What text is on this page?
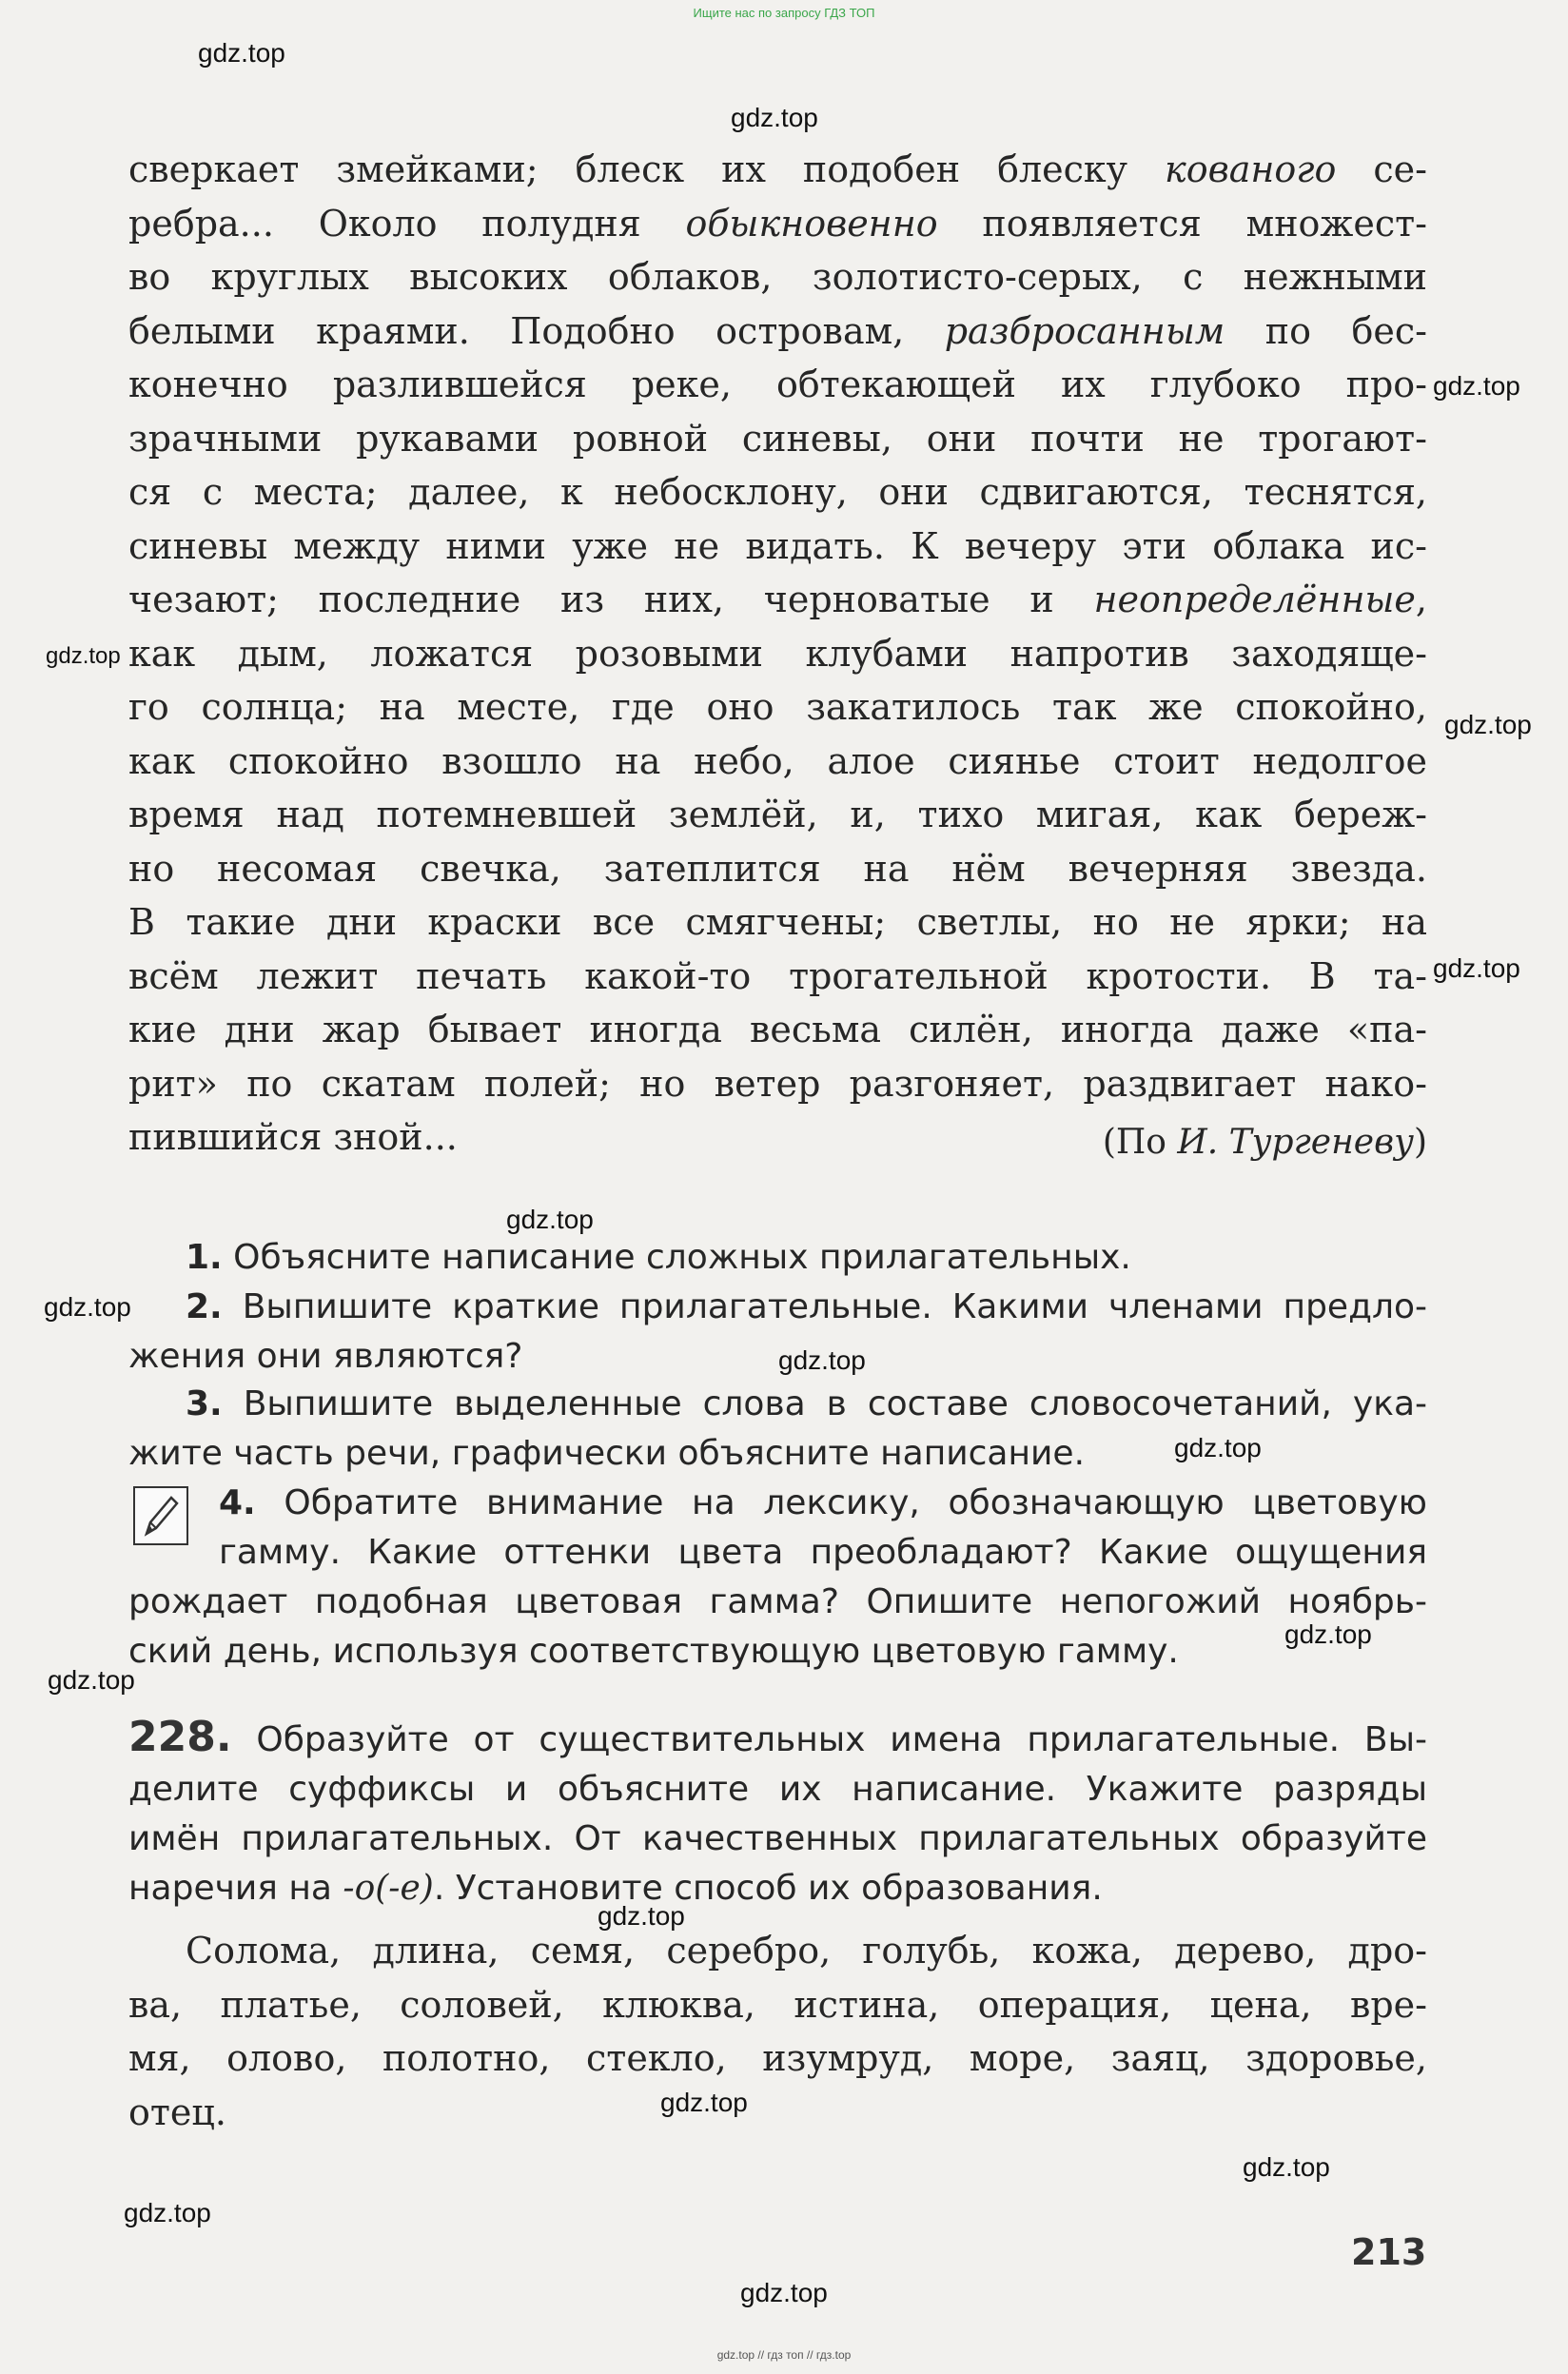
Ищите нас по запросу ГДЗ ТОП
gdz.top
gdz.top
gdz.top
gdz.top
gdz.top
gdz.top
gdz.top
gdz.top
gdz.top
gdz.top
gdz.top
gdz.top
gdz.top
gdz.top
gdz.top
gdz.top
gdz.top
сверкает змейками; блеск их подобен блеску кованого се-
ребра... Около полудня обыкновенно появляется множест-
во круглых высоких облаков, золотисто-серых, с нежными
белыми краями. Подобно островам, разбросанным по бес-
конечно разлившейся реке, обтекающей их глубоко про-
зрачными рукавами ровной синевы, они почти не трогают-
ся с места; далее, к небосклону, они сдвигаются, теснятся,
синевы между ними уже не видать. К вечеру эти облака ис-
чезают; последние из них, черноватые и неопределённые,
как дым, ложатся розовыми клубами напротив заходяще-
го солнца; на месте, где оно закатилось так же спокойно,
как спокойно взошло на небо, алое сиянье стоит недолгое
время над потемневшей землёй, и, тихо мигая, как береж-
но несомая свечка, затеплится на нём вечерняя звезда.
В такие дни краски все смягчены; светлы, но не ярки; на
всём лежит печать какой-то трогательной кротости. В та-
кие дни жар бывает иногда весьма силён, иногда даже «па-
рит» по скатам полей; но ветер разгоняет, раздвигает нако-
пившийся зной...	(По И. Тургеневу)
1. Объясните написание сложных прилагательных.
2. Выпишите краткие прилагательные. Какими членами предло-
жения они являются?
3. Выпишите выделенные слова в составе словосочетаний, ука-
жите часть речи, графически объясните написание.
4. Обратите внимание на лексику, обозначающую цветовую
гамму. Какие оттенки цвета преобладают? Какие ощущения
рождает подобная цветовая гамма? Опишите непогожий ноябрь-
ский день, используя соответствующую цветовую гамму.
228. Образуйте от существительных имена прилагательные. Вы-
делите суффиксы и объясните их написание. Укажите разряды
имён прилагательных. От качественных прилагательных образуйте
наречия на -о(-е). Установите способ их образования.
Солома, длина, семя, серебро, голубь, кожа, дерево, дро-
ва, платье, соловей, клюква, истина, операция, цена, вре-
мя, олово, полотно, стекло, изумруд, море, заяц, здоровье,
отец.
213
gdz.top // гдз топ // гдз.top
